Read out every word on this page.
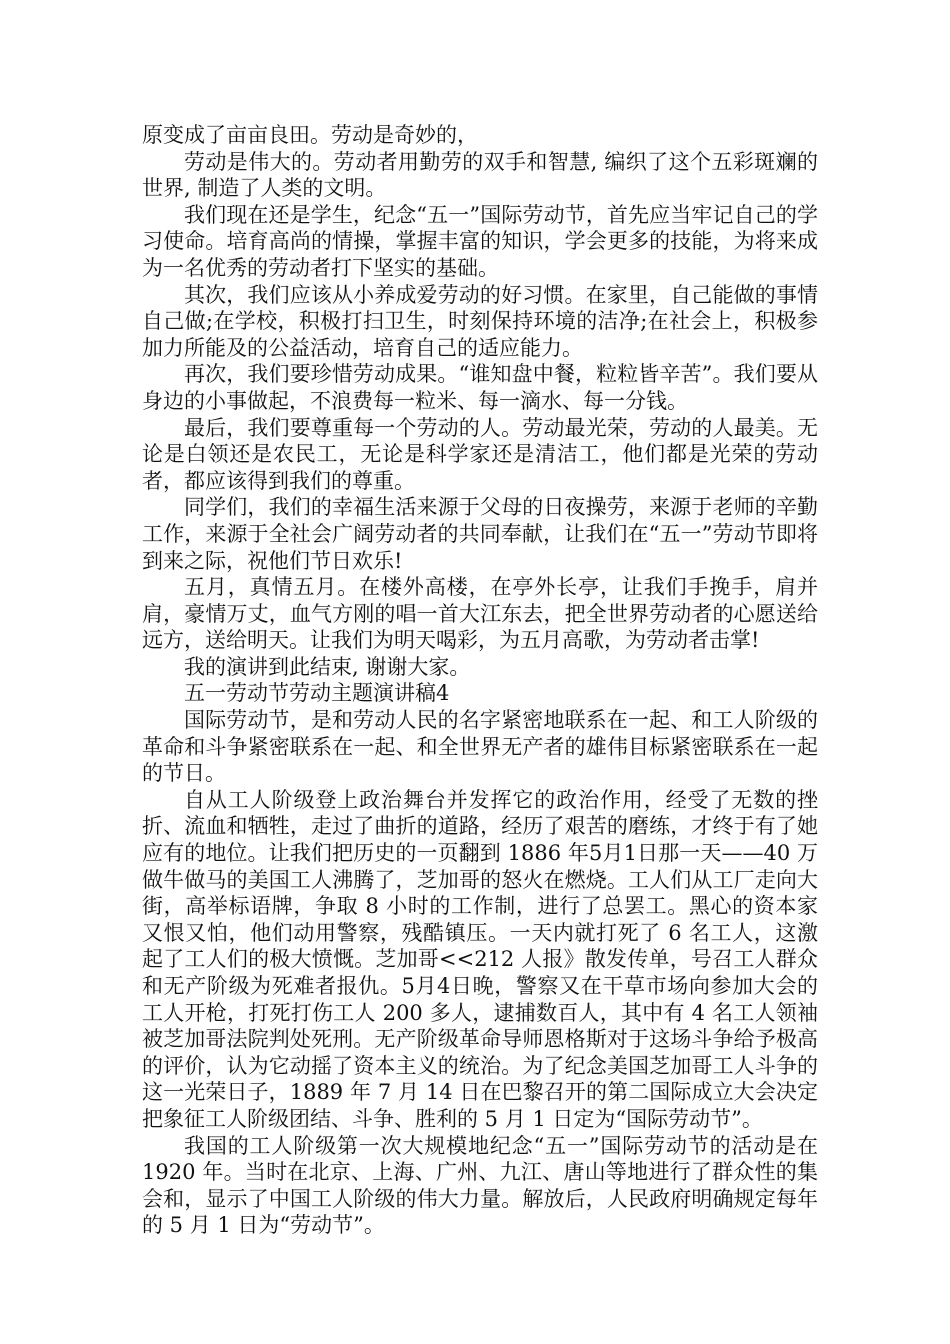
原变成了亩亩良田。劳动是奇妙的，

劳动是伟大的。劳动者用勤劳的双手和智慧, 编织了这个五彩斑斓的世界, 制造了人类的文明。

我们现在还是学生，纪念“五一”国际劳动节，首先应当牢记自己的学习使命。培育高尚的情操，掌握丰富的知识，学会更多的技能，为将来成为一名优秀的劳动者打下坚实的基础。

其次，我们应该从小养成爱劳动的好习惯。在家里，自己能做的事情自己做;在学校，积极打扫卫生，时刻保持环境的洁净;在社会上，积极参加力所能及的公益活动，培育自己的适应能力。

再次，我们要珍惜劳动成果。“谁知盘中餐，粒粒皆辛苦”。我们要从身边的小事做起，不浪费每一粒米、每一滴水、每一分钱。

最后，我们要尊重每一个劳动的人。劳动最光荣，劳动的人最美。无论是白领还是农民工，无论是科学家还是清洁工，他们都是光荣的劳动者，都应该得到我们的尊重。

同学们，我们的幸福生活来源于父母的日夜操劳，来源于老师的辛勤工作，来源于全社会广阔劳动者的共同奉献，让我们在“五一”劳动节即将到来之际，祝他们节日欢乐!

五月，真情五月。在楼外高楼，在亭外长亭，让我们手挽手，肩并肩，豪情万丈，血气方刚的唱一首大江东去，把全世界劳动者的心愿送给远方，送给明天。让我们为明天喝彩，为五月高歌，为劳动者击掌!

我的演讲到此结束, 谢谢大家。

五一劳动节劳动主题演讲稿4

国际劳动节，是和劳动人民的名字紧密地联系在一起、和工人阶级的革命和斗争紧密联系在一起、和全世界无产者的雄伟目标紧密联系在一起的节日。

自从工人阶级登上政治舞台并发挥它的政治作用，经受了无数的挫折、流血和牺牲，走过了曲折的道路，经历了艰苦的磨练，才终于有了她应有的地位。让我们把历史的一页翻到 1886 年5月1日那一天——40 万做牛做马的美国工人沸腾了，芝加哥的怒火在燃烧。工人们从工厂走向大街，高举标语牌，争取 8 小时的工作制，进行了总罢工。黑心的资本家又恨又怕，他们动用警察，残酷镇压。一天内就打死了 6 名工人，这激起了工人们的极大愤慨。芝加哥<<212 人报》散发传单，号召工人群众和无产阶级为死难者报仇。5月4日晚，警察又在干草市场向参加大会的工人开枪，打死打伤工人 200 多人，逮捕数百人，其中有 4 名工人领袖被芝加哥法院判处死刑。无产阶级革命导师恩格斯对于这场斗争给予极高的评价，认为它动摇了资本主义的统治。为了纪念美国芝加哥工人斗争的这一光荣日子，1889 年 7 月 14 日在巴黎召开的第二国际成立大会决定把象征工人阶级团结、斗争、胜利的 5 月 1 日定为“国际劳动节”。

我国的工人阶级第一次大规模地纪念“五一”国际劳动节的活动是在 1920 年。当时在北京、上海、广州、九江、唐山等地进行了群众性的集会和，显示了中国工人阶级的伟大力量。解放后，人民政府明确规定每年的 5 月 1 日为“劳动节”。
